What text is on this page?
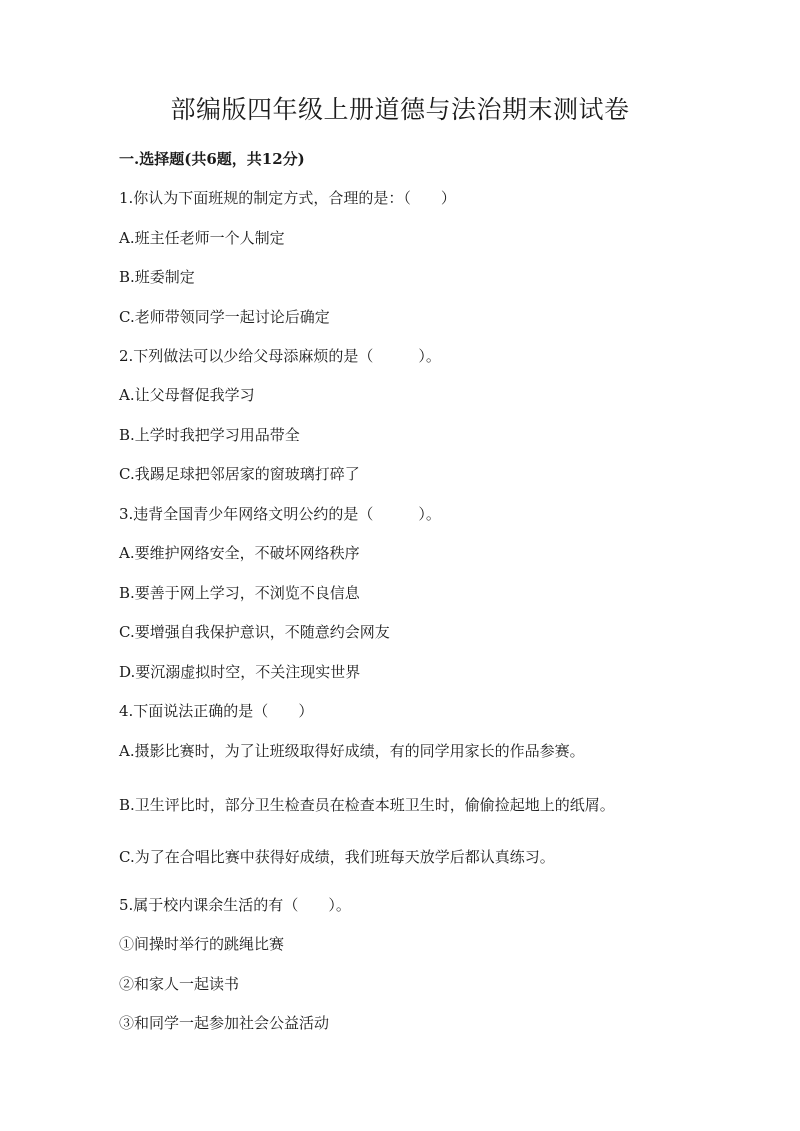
部编版四年级上册道德与法治期末测试卷
一.选择题(共6题，共12分)
1.你认为下面班规的制定方式，合理的是：（　　）
A.班主任老师一个人制定
B.班委制定
C.老师带领同学一起讨论后确定
2.下列做法可以少给父母添麻烦的是（　　　）。
A.让父母督促我学习
B.上学时我把学习用品带全
C.我踢足球把邻居家的窗玻璃打碎了
3.违背全国青少年网络文明公约的是（　　　）。
A.要维护网络安全，不破坏网络秩序
B.要善于网上学习，不浏览不良信息
C.要增强自我保护意识，不随意约会网友
D.要沉溺虚拟时空，不关注现实世界
4.下面说法正确的是（　　）
A.摄影比赛时，为了让班级取得好成绩，有的同学用家长的作品参赛。
B.卫生评比时，部分卫生检查员在检查本班卫生时，偷偷捡起地上的纸屑。
C.为了在合唱比赛中获得好成绩，我们班每天放学后都认真练习。
5.属于校内课余生活的有（　　）。
①间操时举行的跳绳比赛
②和家人一起读书
③和同学一起参加社会公益活动
